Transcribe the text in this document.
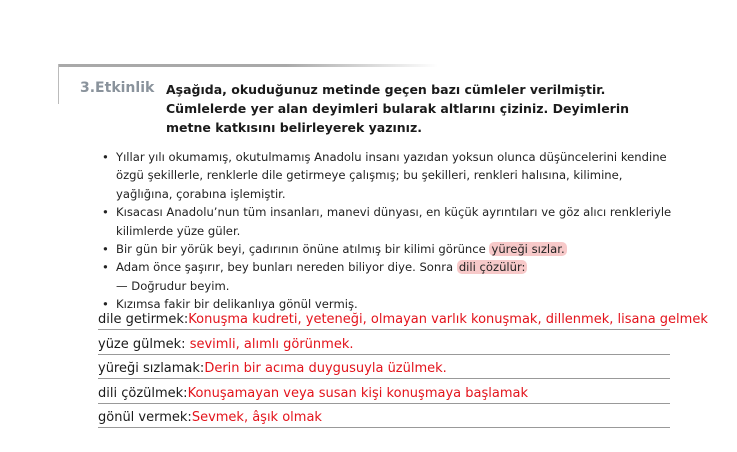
3.Etkinlik Aşağıda, okuduğunuz metinde geçen bazı cümleler verilmiştir. Cümlelerde yer alan deyimleri bularak altlarını çiziniz. Deyimlerin metne katkısını belirleyerek yazınız.
• Yıllar yılı okumamış, okutulmamış Anadolu insanı yazıdan yoksun olunca düşüncelerini kendine özgü şekillerle, renklerle dile getirmeye çalışmış; bu şekilleri, renkleri halısına, kilimine, yağlığına, çorabına işlemiştir.
• Kısacası Anadolu’nun tüm insanları, manevi dünyası, en küçük ayrıntıları ve göz alıcı renkleriyle kilimlerde yüze güler.
• Bir gün bir yörük beyi, çadırının önüne atılmış bir kilimi görünce yüreği sızlar.
• Adam önce şaşırır, bey bunları nereden biliyor diye. Sonra dili çözülür:
— Doğrudur beyim.
• Kızımsa fakir bir delikanlıya gönül vermiş.
dile getirmek:Konuşma kudreti, yeteneği, olmayan varlık konuşmak, dillenmek, lisana gelmek
yüze gülmek: sevimli, alımlı görünmek.
yüreği sızlamak:Derin bir acıma duygusuyla üzülmek.
dili çözülmek:Konuşamayan veya susan kişi konuşmaya başlamak
gönül vermek:Sevmek, âşık olmak
